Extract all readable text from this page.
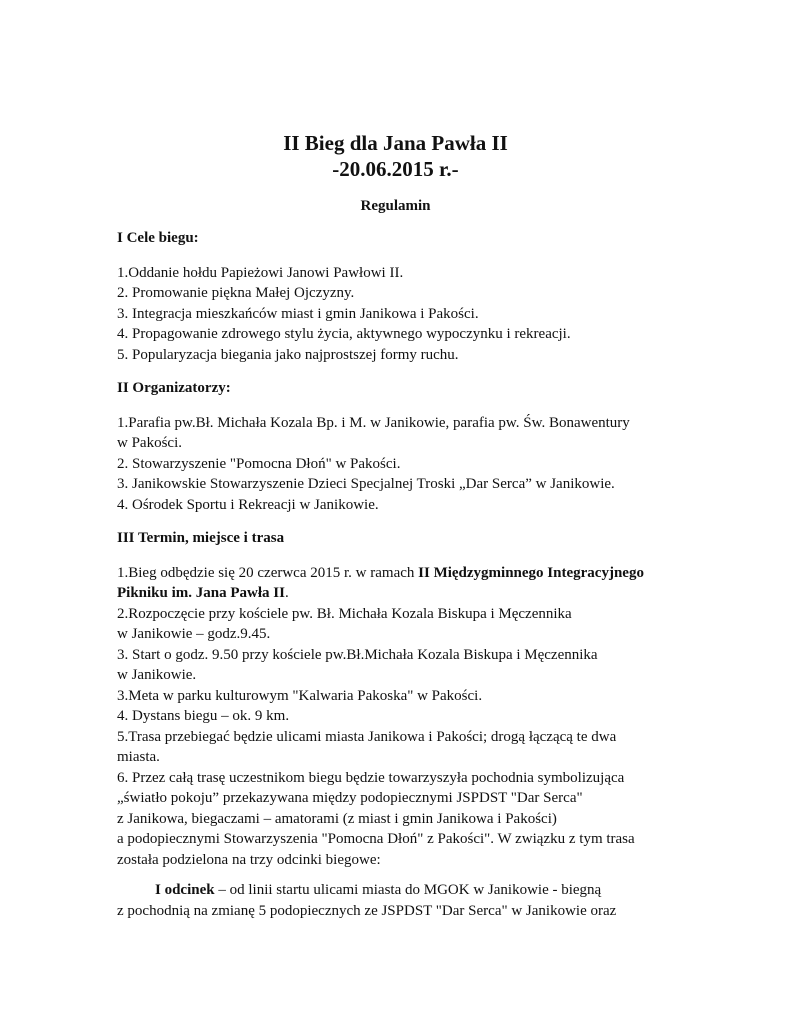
II Bieg dla Jana Pawła II
-20.06.2015 r.-
Regulamin
I Cele biegu:
1.Oddanie hołdu Papieżowi Janowi Pawłowi II.
2. Promowanie piękna Małej Ojczyzny.
3. Integracja mieszkańców miast i gmin Janikowa i Pakości.
4. Propagowanie zdrowego stylu życia, aktywnego wypoczynku i rekreacji.
5. Popularyzacja biegania jako najprostszej formy ruchu.
II Organizatorzy:
1.Parafia pw.Bł. Michała Kozala Bp. i M. w Janikowie, parafia pw. Św. Bonawentury
w Pakości.
2. Stowarzyszenie "Pomocna Dłoń" w Pakości.
3. Janikowskie Stowarzyszenie Dzieci Specjalnej Troski „Dar Serca” w Janikowie.
4. Ośrodek Sportu i Rekreacji w Janikowie.
III Termin, miejsce i trasa
1.Bieg odbędzie się 20 czerwca 2015 r. w ramach II Międzygminnego Integracyjnego
Pikniku im. Jana Pawła II.
2.Rozpoczęcie przy kościele pw. Bł. Michała Kozala Biskupa i Męczennika
w Janikowie – godz.9.45.
3. Start o godz. 9.50 przy kościele pw.Bł.Michała Kozala Biskupa i Męczennika
w Janikowie.
3.Meta w parku kulturowym "Kalwaria Pakoska" w Pakości.
4. Dystans biegu – ok. 9 km.
5.Trasa przebiegać będzie ulicami miasta Janikowa i Pakości; drogą łączącą te dwa
miasta.
6. Przez całą trasę uczestnikom biegu będzie towarzyszyła pochodnia symbolizująca
„światło pokoju” przekazywana między podopiecznymi JSPDST "Dar Serca"
z Janikowa, biegaczami – amatorami (z miast i gmin Janikowa i Pakości)
a podopiecznymi Stowarzyszenia "Pomocna Dłoń" z Pakości". W związku z tym trasa
została podzielona na trzy odcinki biegowe:
I odcinek – od linii startu ulicami miasta do MGOK w Janikowie - biegną
z pochodnią na zmianę 5 podopiecznych ze JSPDST "Dar Serca" w Janikowie oraz
